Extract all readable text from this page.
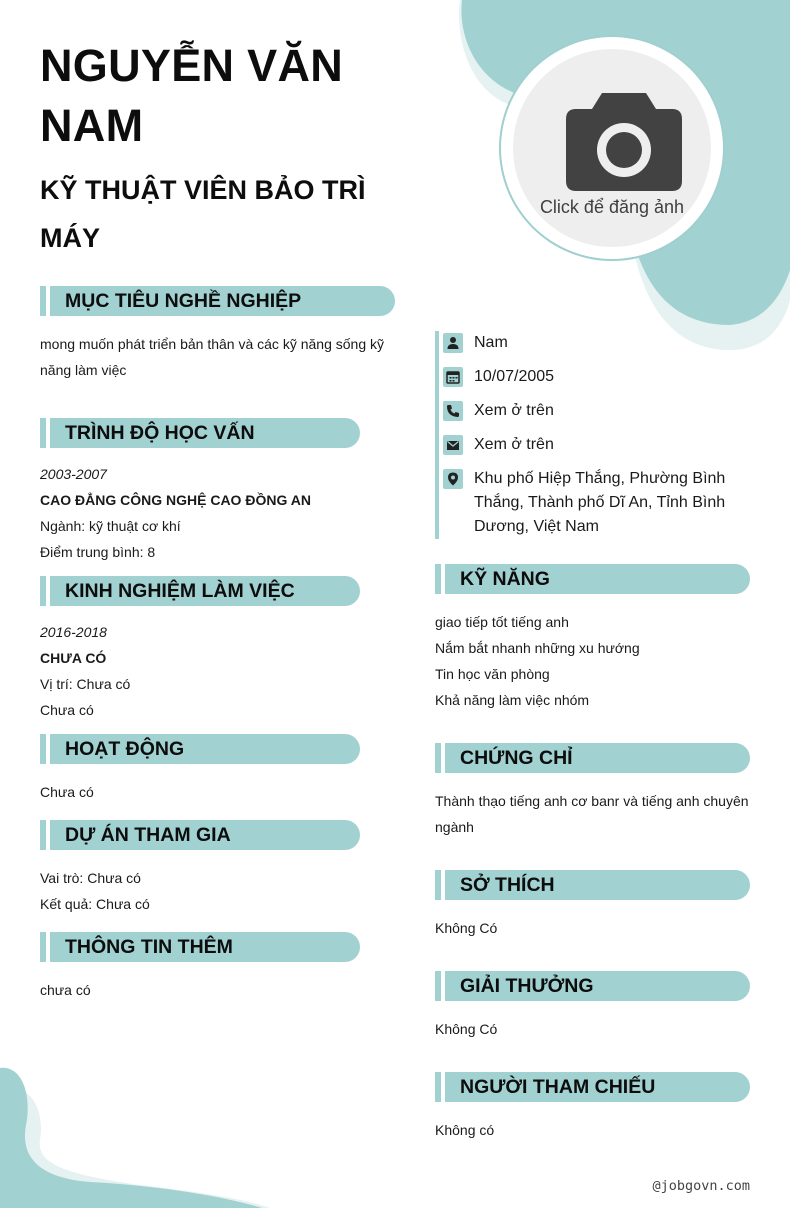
NGUYỄN VĂN NAM
KỸ THUẬT VIÊN BẢO TRÌ MÁY
Click để đăng ảnh
MỤC TIÊU NGHỀ NGHIỆP
mong muốn phát triển bản thân và các kỹ năng sống kỹ năng làm việc
TRÌNH ĐỘ HỌC VẤN
2003-2007
CAO ĐẲNG CÔNG NGHỆ CAO ĐỒNG AN
Ngành: kỹ thuật cơ khí
Điểm trung bình: 8
KINH NGHIỆM LÀM VIỆC
2016-2018
CHƯA CÓ
Vị trí: Chưa có
Chưa có
HOẠT ĐỘNG
Chưa có
DỰ ÁN THAM GIA
Vai trò: Chưa có
Kết quả: Chưa có
THÔNG TIN THÊM
chưa có
Nam
10/07/2005
Xem ở trên
Xem ở trên
Khu phố Hiệp Thắng, Phường Bình Thắng, Thành phố Dĩ An, Tỉnh Bình Dương, Việt Nam
KỸ NĂNG
giao tiếp tốt tiếng anh
Nắm bắt nhanh những xu hướng
Tin học văn phòng
Khả năng làm việc nhóm
CHỨNG CHỈ
Thành thạo tiếng anh cơ banr và tiếng anh chuyên ngành
SỞ THÍCH
Không Có
GIẢI THƯỞNG
Không Có
NGƯỜI THAM CHIẾU
Không có
@jobgovn.com
